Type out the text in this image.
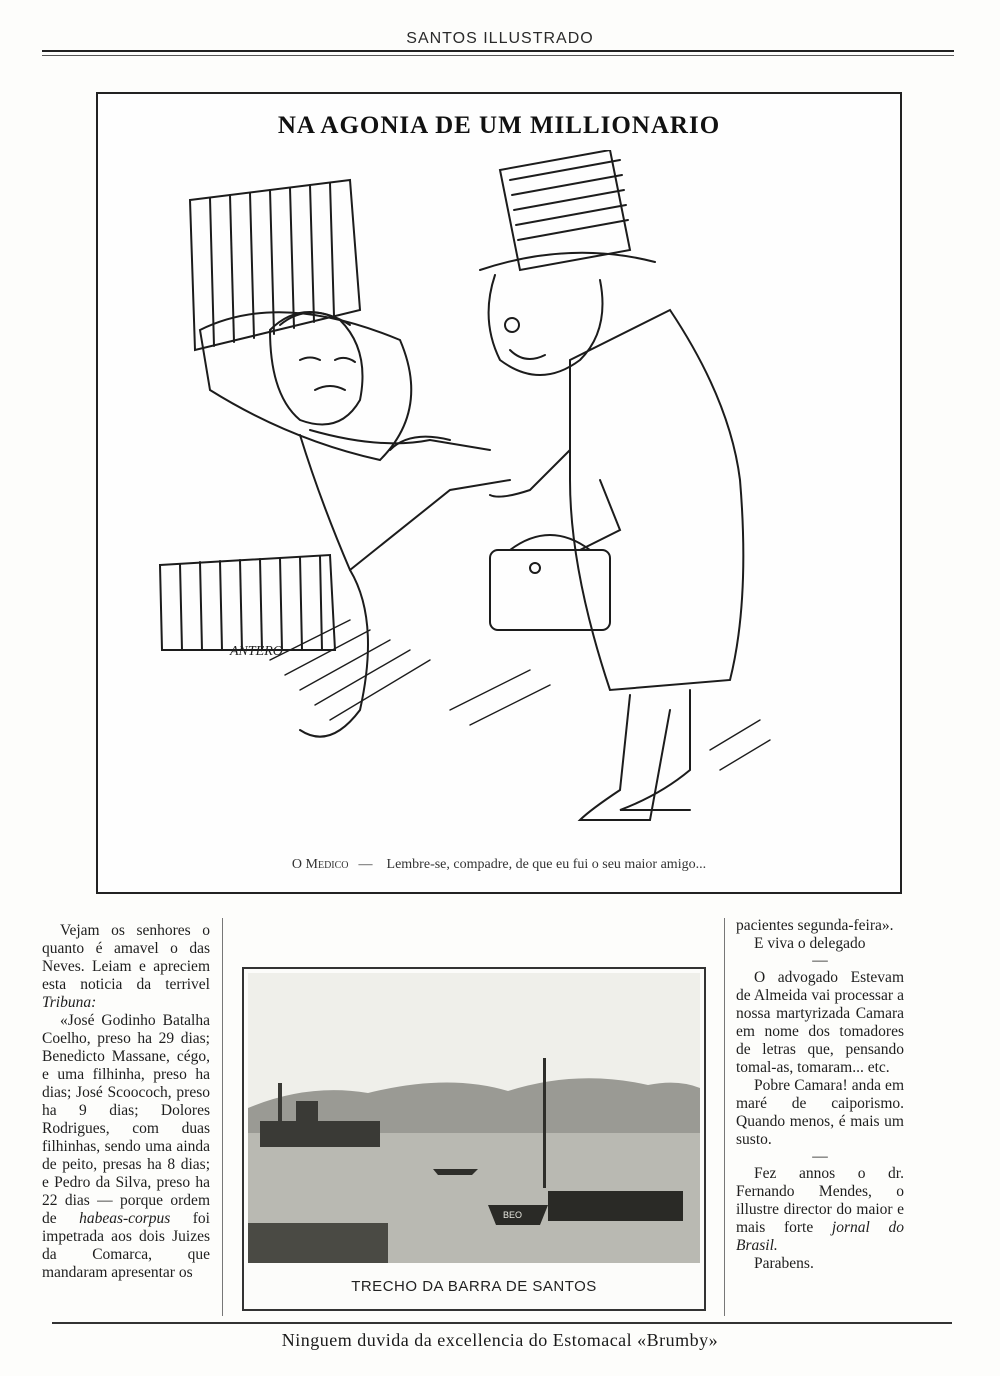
SANTOS ILLUSTRADO
NA AGONIA DE UM MILLIONARIO
ANTERO
O Medico — Lembre-se, compadre, de que eu fui o seu maior amigo...

Vejam os senhores o quanto é amavel o das Neves. Leiam e apreciem esta noticia da terrivel Tribuna:

«José Godinho Batalha Coelho, preso ha 29 dias; Benedicto Massane, cégo, e uma filhinha, preso ha dias; José Scoococh, preso ha 9 dias; Dolores Rodrigues, com duas filhinhas, sendo uma ainda de peito, presas ha 8 dias; e Pedro da Silva, preso ha 22 dias — porque ordem de habeas-corpus foi impetrada aos dois Juizes da Comarca, que mandaram apresentar os

BEO
TRECHO DA BARRA DE SANTOS

pacientes segunda-feira».

E viva o delegado

—

O advogado Estevam de Almeida vai processar a nossa martyrizada Camara em nome dos tomadores de letras que, pensando tomal-as, tomaram... etc.

Pobre Camara! anda em maré de caiporismo. Quando menos, é mais um susto.

—

Fez annos o dr. Fernando Mendes, o illustre director do maior e mais forte jornal do Brasil.

Parabens.

Ninguem duvida da excellencia do Estomacal «Brumby»
